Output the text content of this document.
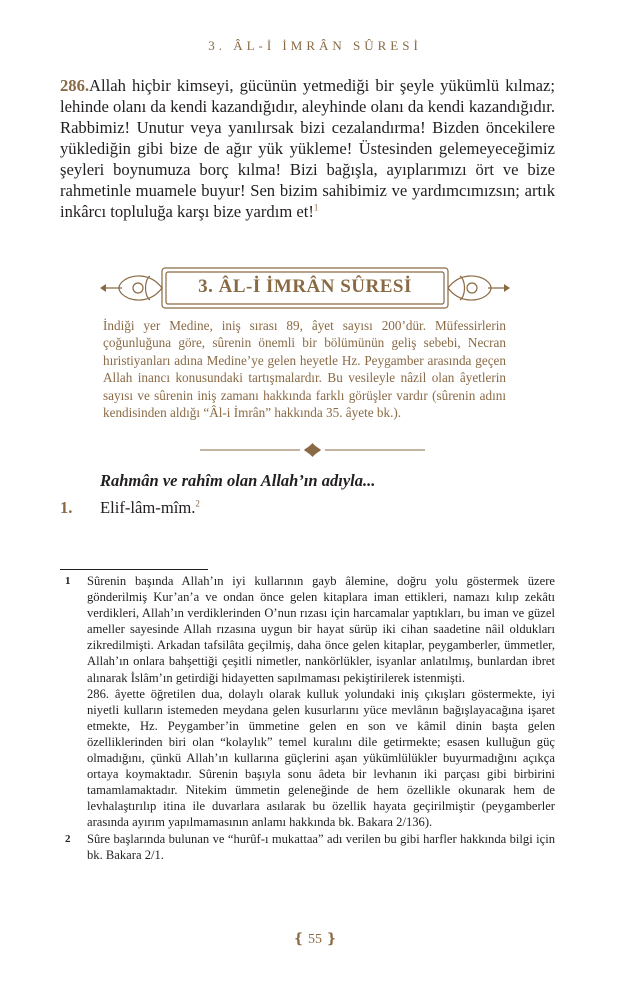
3. ÂL-İ İMRÂN SÛRESİ
286.Allah hiçbir kimseyi, gücünün yetmediği bir şeyle yükümlü kılmaz; lehinde olanı da kendi kazandığıdır, aleyhinde olanı da kendi kazandığıdır. Rabbimiz! Unutur veya yanılırsak bizi cezalandırma! Bizden öncekilere yüklediğin gibi bize de ağır yük yükleme! Üstesinden gelemeyeceğimiz şeyleri boynumuza borç kılma! Bizi bağışla, ayıplarımızı ört ve bize rahmetinle muamele buyur! Sen bizim sahibimiz ve yardımcımızsın; artık inkârcı topluluğa karşı bize yardım et!$^1$
3. ÂL-İ İMRÂN SÛRESİ
İndiği yer Medine, iniş sırası 89, âyet sayısı 200’dür. Müfessirlerin çoğunluğuna göre, sûrenin önemli bir bölümünün geliş sebebi, Necran hıristiyanları adına Medine’ye gelen heyetle Hz. Peygamber arasında geçen Allah inancı konusundaki tartışmalardır. Bu vesileyle nâzil olan âyetlerin sayısı ve sûrenin iniş zamanı hakkında farklı görüşler vardır (sûrenin adını kendisinden aldığı “Âl-i İmrân” hakkında 35. âyete bk.).
Rahmân ve rahîm olan Allah’ın adıyla...
1. Elif-lâm-mîm.$^2$
1 Sûrenin başında Allah’ın iyi kullarının gayb âlemine, doğru yolu göstermek üzere gönderilmiş Kur’an’a ve ondan önce gelen kitaplara iman ettikleri, namazı kılıp zekâtı verdikleri, Allah’ın verdiklerinden O’nun rızası için harcamalar yaptıkları, bu iman ve güzel ameller sayesinde Allah rızasına uygun bir hayat sürüp iki cihan saadetine nâil oldukları zikredilmişti. Arkadan tafsilâta geçilmiş, daha önce gelen kitaplar, peygamberler, ümmetler, Allah’ın onlara bahşettiği çeşitli nimetler, nankörlükler, isyanlar anlatılmış, bunlardan ibret alınarak İslâm’ın getirdiği hidayetten sapılmaması pekiştirilerek istenmişti.

286. âyette öğretilen dua, dolaylı olarak kulluk yolundaki iniş çıkışları göstermekte, iyi niyetli kulların istemeden meydana gelen kusurlarını yüce mevlânın bağışlayacağına işaret etmekte, Hz. Peygamber’in ümmetine gelen en son ve kâmil dinin başta gelen özelliklerinden biri olan “kolaylık” temel kuralını dile getirmekte; esasen kulluğun güç olmadığını, çünkü Allah’ın kullarına güçlerini aşan yükümlülükler buyurmadığını açıkça ortaya koymaktadır. Sûrenin başıyla sonu âdeta bir levhanın iki parçası gibi birbirini tamamlamaktadır. Nitekim ümmetin geleneğinde de hem özellikle okunarak hem de levhalaştırılıp itina ile duvarlara asılarak bu özellik hayata geçirilmiştir (peygamberler arasında ayırım yapılmamasının anlamı hakkında bk. Bakara 2/136).

2 Sûre başlarında bulunan ve “hurûf-ı mukattaa” adı verilen bu gibi harfler hakkında bilgi için bk. Bakara 2/1.

❴ 55 ❵
